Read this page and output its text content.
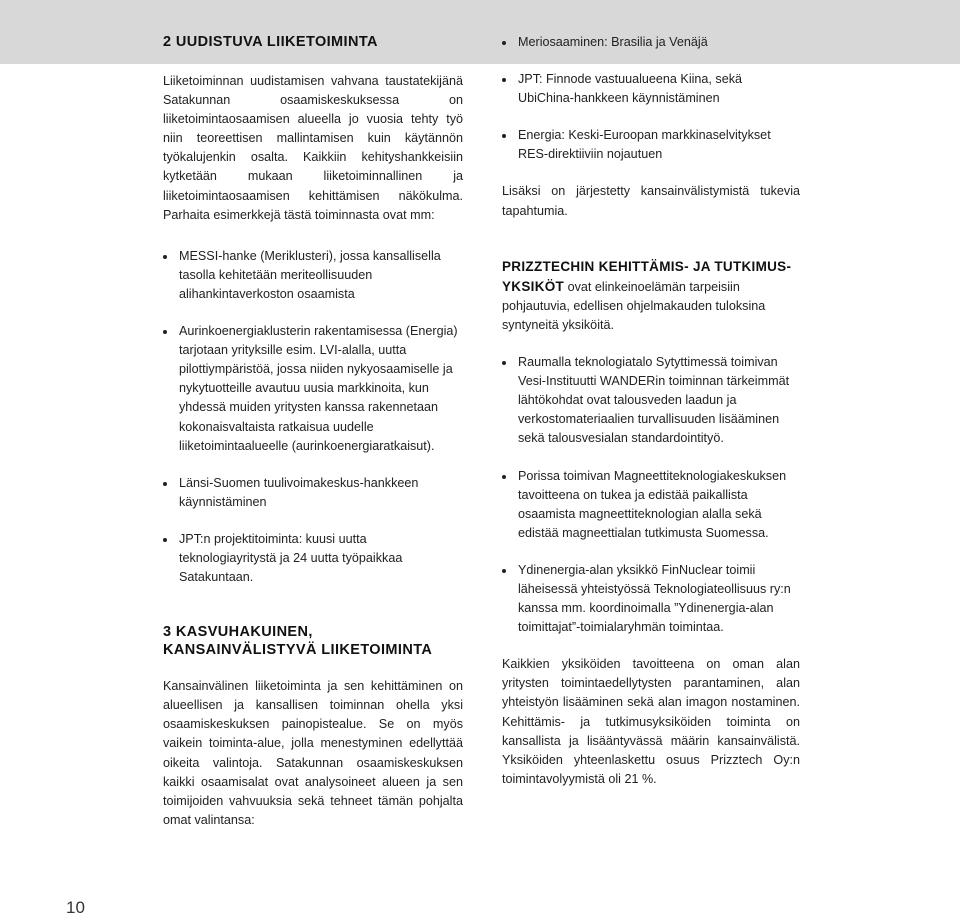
2 UUDISTUVA LIIKETOIMINTA

Liiketoiminnan uudistamisen vahvana taustatekijänä Satakunnan osaamiskeskuksessa on liiketoimintaosaamisen alueella jo vuosia tehty työ niin teoreettisen mallintamisen kuin käytännön työkalujenkin osalta. Kaikkiin kehityshankkeisiin kytketään mukaan liiketoiminnallinen ja liiketoimintaosaamisen kehittämisen näkökulma. Parhaita esimerkkejä tästä toiminnasta ovat mm:

MESSI-hanke (Meriklusteri), jossa kansallisella tasolla kehitetään meriteollisuuden alihankintaverkoston osaamista
Aurinkoenergiaklusterin rakentamisessa (Energia) tarjotaan yrityksille esim. LVI-alalla, uutta pilottiympäristöä, jossa niiden nykyosaamiselle ja nykytuotteille avautuu uusia markkinoita, kun yhdessä muiden yritysten kanssa rakennetaan kokonaisvaltaista ratkaisua uudelle liiketoimintaalueelle (aurinkoenergiaratkaisut).
Länsi-Suomen tuulivoimakeskus-hankkeen käynnistäminen
JPT:n projektitoiminta: kuusi uutta teknologiayritystä ja 24 uutta työpaikkaa Satakuntaan.
3 KASVUHAKUINEN, KANSAINVÄLISTYVÄ LIIKETOIMINTA

Kansainvälinen liiketoiminta ja sen kehittäminen on alueellisen ja kansallisen toiminnan ohella yksi osaamiskeskuksen painopistealue. Se on myös vaikein toiminta-alue, jolla menestyminen edellyttää oikeita valintoja. Satakunnan osaamiskeskuksen kaikki osaamisalat ovat analysoineet alueen ja sen toimijoiden vahvuuksia sekä tehneet tämän pohjalta omat valintansa:

Meriosaaminen: Brasilia ja Venäjä
JPT: Finnode vastuualueena Kiina, sekä UbiChina-hankkeen käynnistäminen
Energia: Keski-Euroopan markkinaselvitykset RES-direktiiviin nojautuen

Lisäksi on järjestetty kansainvälistymistä tukevia tapahtumia.

PRIZZTECHIN KEHITTÄMIS- JA TUTKIMUS-YKSIKÖT ovat elinkeinoelämän tarpeisiin pohjautuvia, edellisen ohjelmakauden tuloksina syntyneitä yksiköitä.

Raumalla teknologiatalo Sytyttimessä toimivan Vesi-Instituutti WANDERin toiminnan tärkeimmät lähtökohdat ovat talousveden laadun ja verkostomateriaalien turvallisuuden lisääminen sekä talousvesialan standardointityö.
Porissa toimivan Magneettiteknologiakeskuksen tavoitteena on tukea ja edistää paikallista osaamista magneettiteknologian alalla sekä edistää magneettialan tutkimusta Suomessa.
Ydinenergia-alan yksikkö FinNuclear toimii läheisessä yhteistyössä Teknologiateollisuus ry:n kanssa mm. koordinoimalla ”Ydinenergia-alan toimittajat”-toimialaryhmän toimintaa.

Kaikkien yksiköiden tavoitteena on oman alan yritysten toimintaedellytysten parantaminen, alan yhteistyön lisääminen sekä alan imagon nostaminen. Kehittämis- ja tutkimusyksiköiden toiminta on kansallista ja lisääntyvässä määrin kansainvälistä. Yksiköiden yhteenlaskettu osuus Prizztech Oy:n toimintavolyymistä oli 21 %.

10
